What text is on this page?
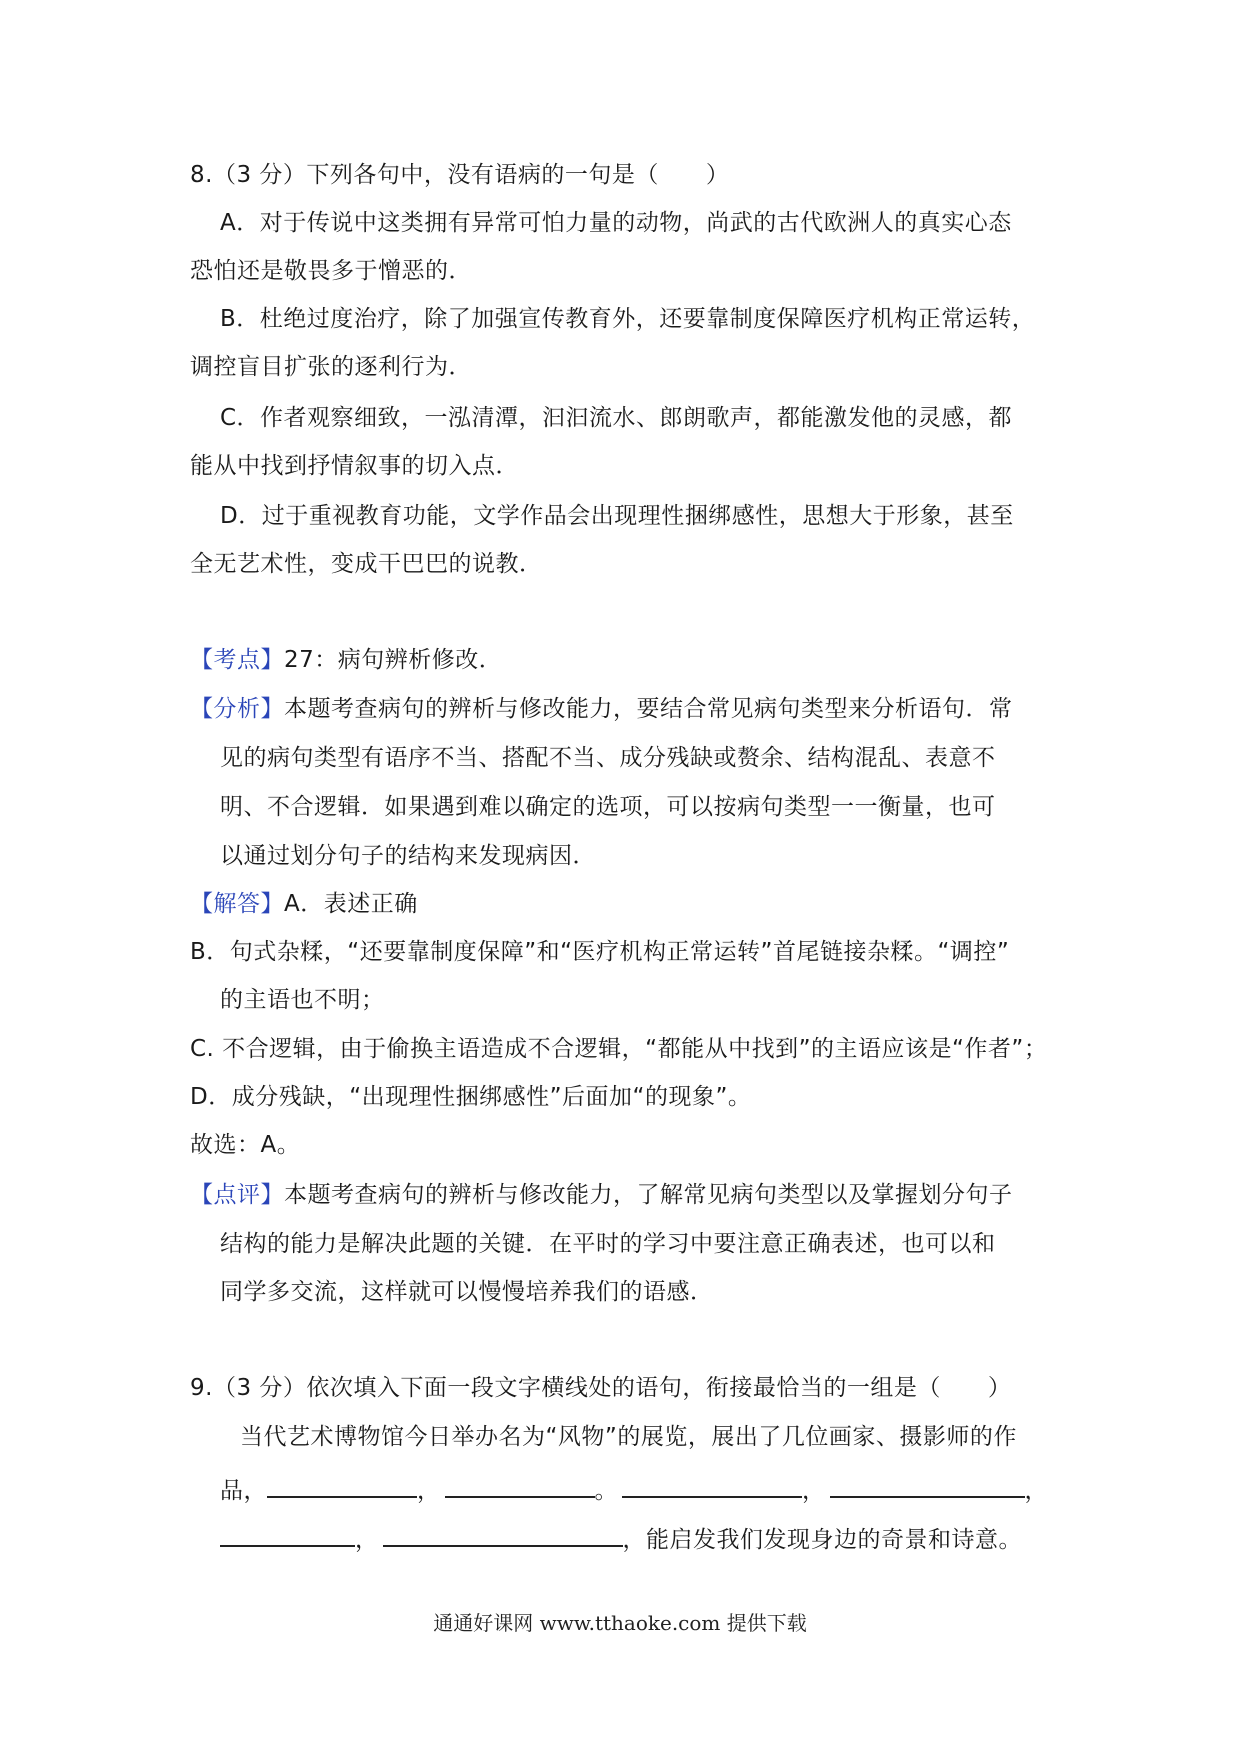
8.（3 分）下列各句中，没有语病的一句是（　　）
A．对于传说中这类拥有异常可怕力量的动物，尚武的古代欧洲人的真实心态
恐怕还是敬畏多于憎恶的．
B．杜绝过度治疗，除了加强宣传教育外，还要靠制度保障医疗机构正常运转，
调控盲目扩张的逐利行为．
C．作者观察细致，一泓清潭，汩汩流水、郎朗歌声，都能激发他的灵感，都
能从中找到抒情叙事的切入点．
D．过于重视教育功能，文学作品会出现理性捆绑感性，思想大于形象，甚至
全无艺术性，变成干巴巴的说教．
【考点】27：病句辨析修改．
【分析】本题考查病句的辨析与修改能力，要结合常见病句类型来分析语句．常
见的病句类型有语序不当、搭配不当、成分残缺或赘余、结构混乱、表意不
明、不合逻辑．如果遇到难以确定的选项，可以按病句类型一一衡量，也可
以通过划分句子的结构来发现病因．
【解答】A．表述正确
B．句式杂糅，“还要靠制度保障”和“医疗机构正常运转”首尾链接杂糅。“调控”
的主语也不明；
C. 不合逻辑，由于偷换主语造成不合逻辑，“都能从中找到”的主语应该是“作者”；
D．成分残缺，“出现理性捆绑感性”后面加“的现象”。
故选：A。
【点评】本题考查病句的辨析与修改能力，了解常见病句类型以及掌握划分句子
结构的能力是解决此题的关键．在平时的学习中要注意正确表述，也可以和
同学多交流，这样就可以慢慢培养我们的语感．
9.（3 分）依次填入下面一段文字横线处的语句，衔接最恰当的一组是（　　）
当代艺术博物馆今日举办名为“风物”的展览，展出了几位画家、摄影师的作
品，	，	。	，	，
，	，能启发我们发现身边的奇景和诗意。
通通好课网 www.tthaoke.com 提供下载
